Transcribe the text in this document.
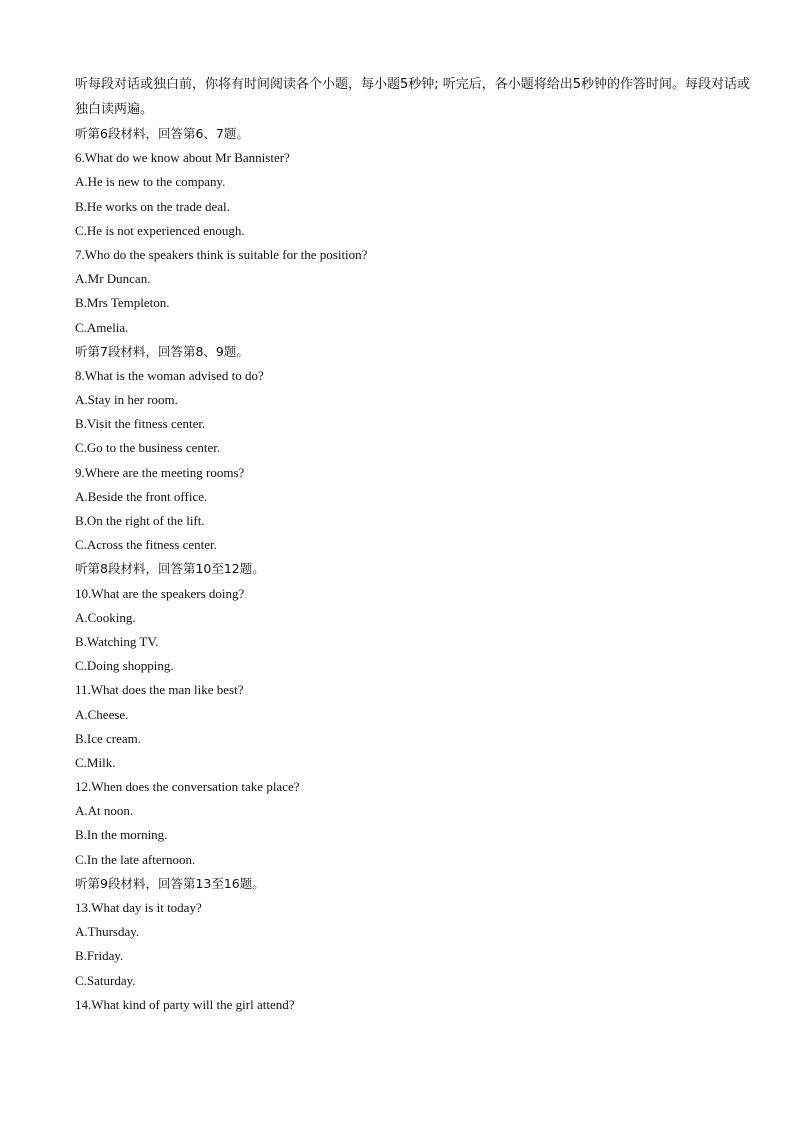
听每段对话或独白前，你将有时间阅读各个小题，每小题5秒钟; 听完后，各小题将给出5秒钟的作答时间。每段对话或独白读两遍。
听第6段材料，回答第6、7题。
6.What do we know about Mr Bannister?
A.He is new to the company.
B.He works on the trade deal.
C.He is not experienced enough.
7.Who do the speakers think is suitable for the position?
A.Mr Duncan.
B.Mrs Templeton.
C.Amelia.
听第7段材料，回答第8、9题。
8.What is the woman advised to do?
A.Stay in her room.
B.Visit the fitness center.
C.Go to the business center.
9.Where are the meeting rooms?
A.Beside the front office.
B.On the right of the lift.
C.Across the fitness center.
听第8段材料，回答第10至12题。
10.What are the speakers doing?
A.Cooking.
B.Watching TV.
C.Doing shopping.
11.What does the man like best?
A.Cheese.
B.Ice cream.
C.Milk.
12.When does the conversation take place?
A.At noon.
B.In the morning.
C.In the late afternoon.
听第9段材料，回答第13至16题。
13.What day is it today?
A.Thursday.
B.Friday.
C.Saturday.
14.What kind of party will the girl attend?
